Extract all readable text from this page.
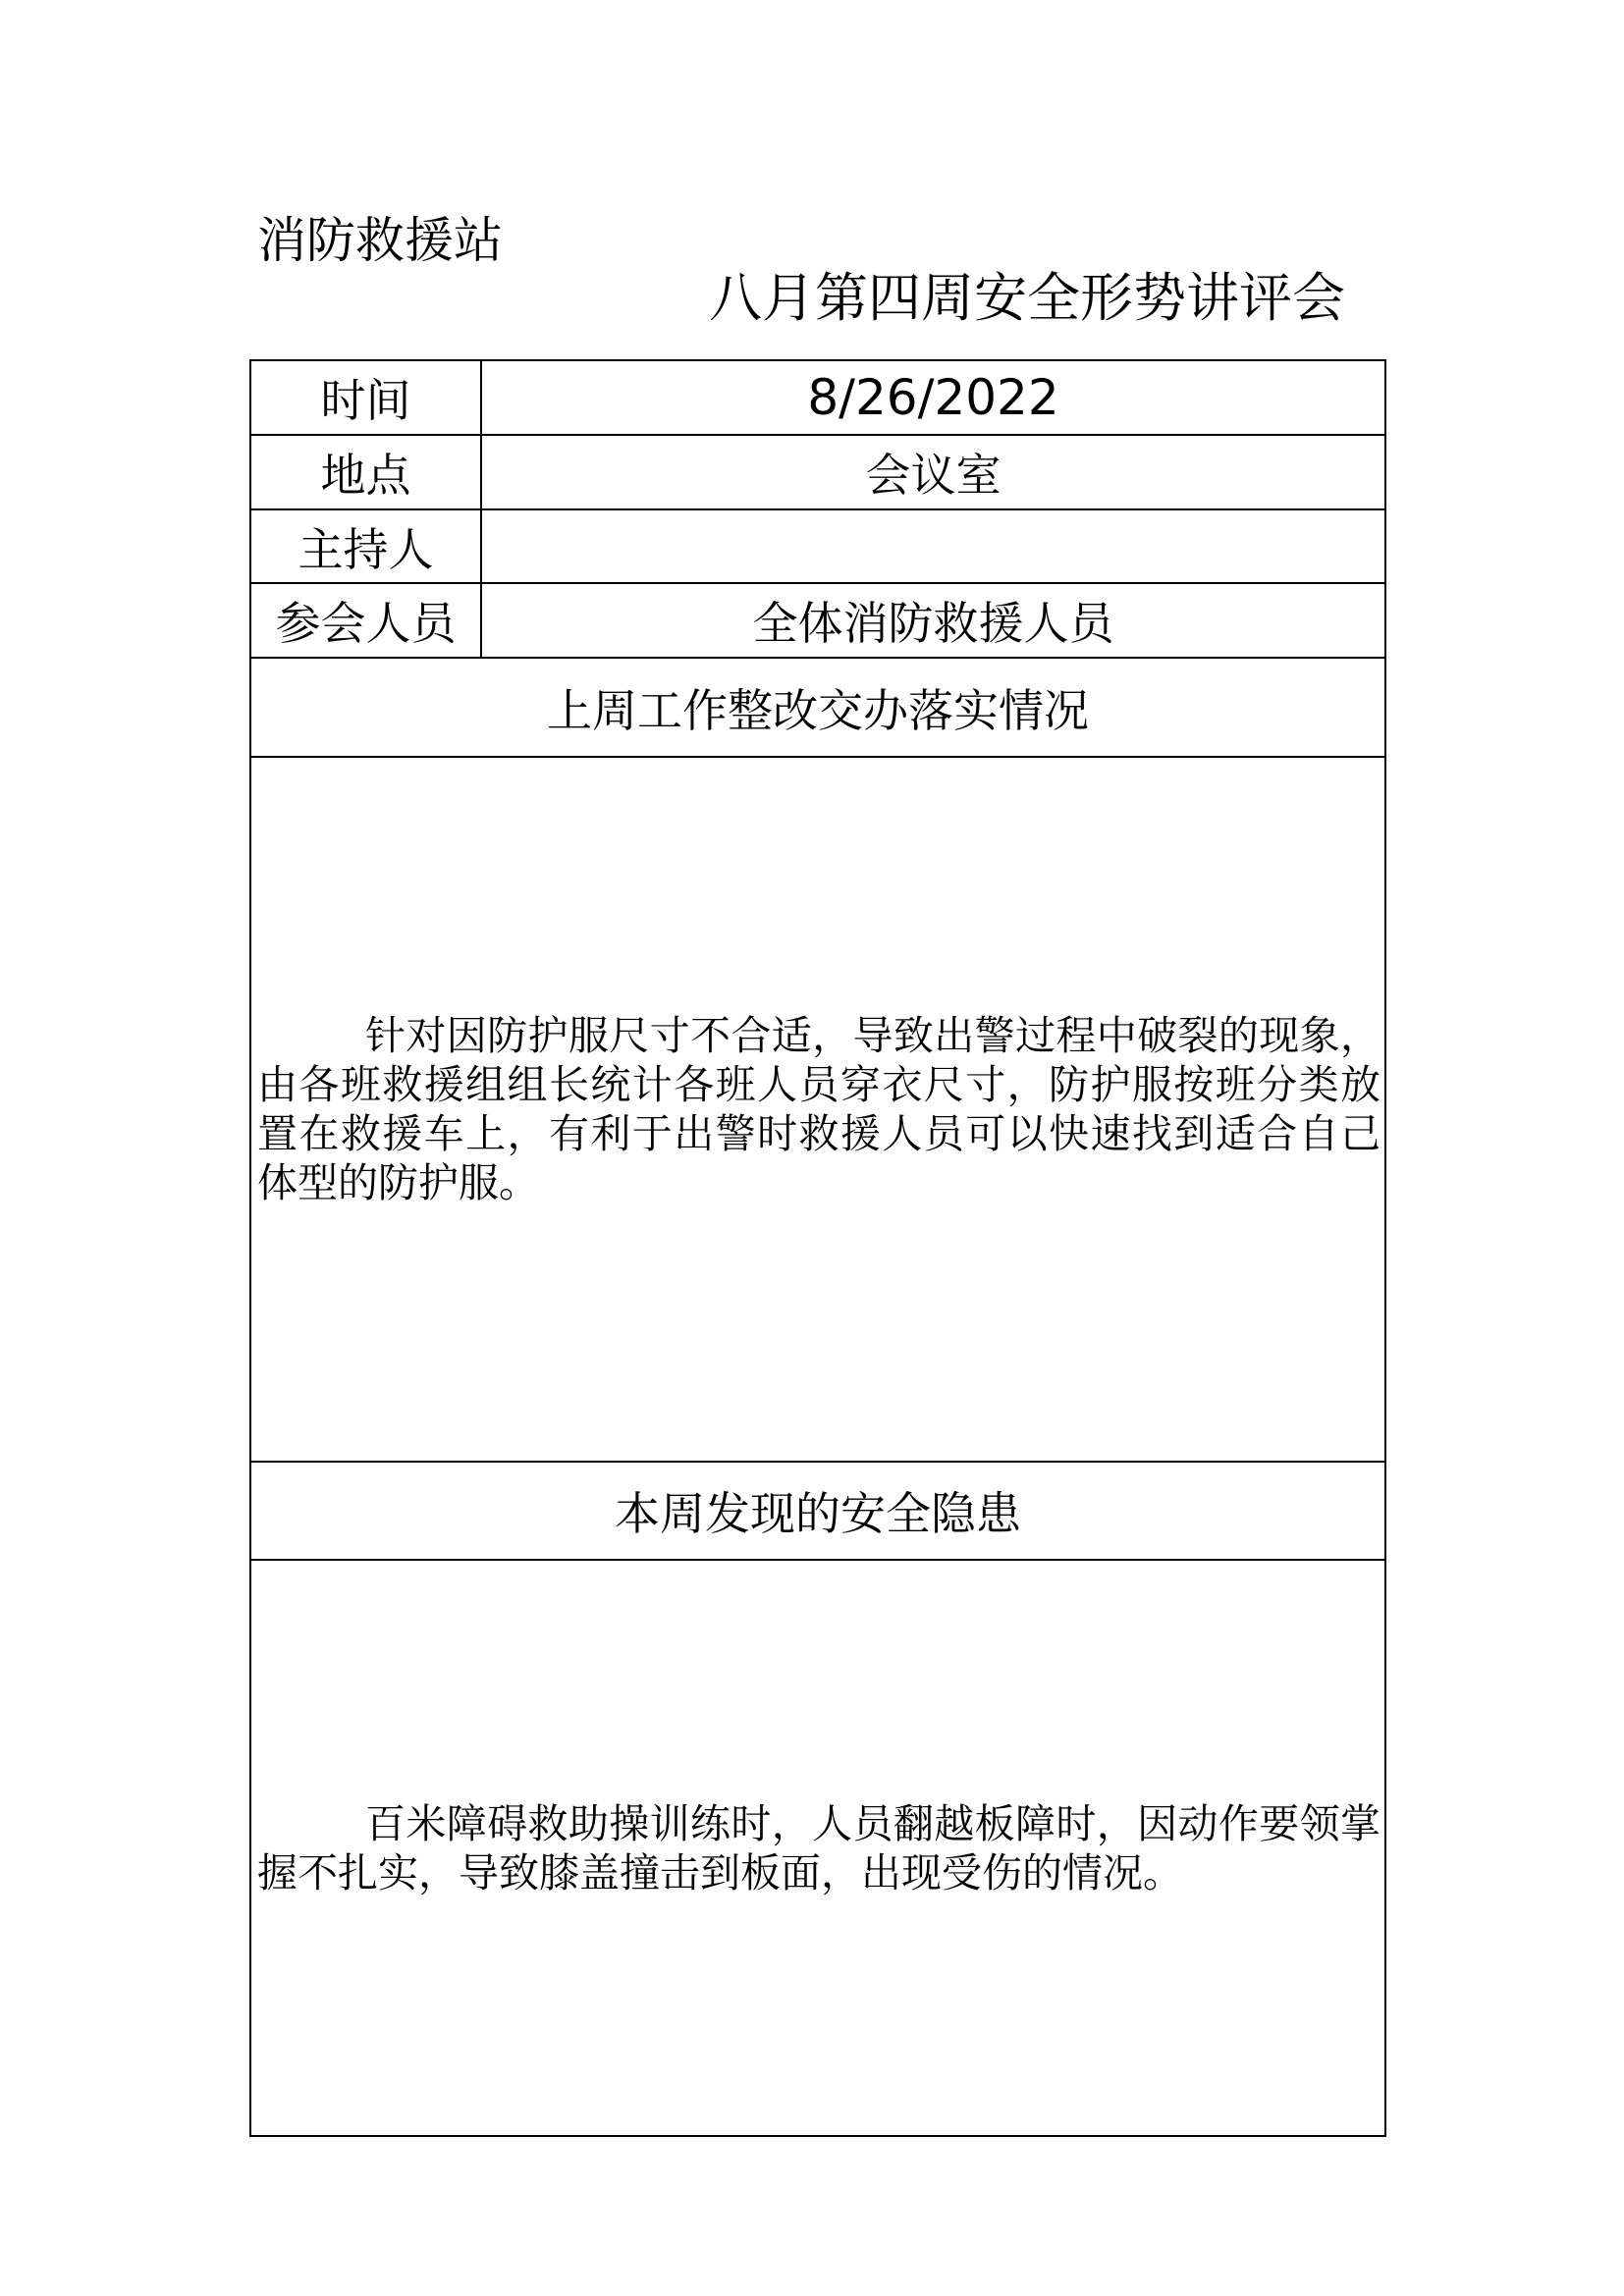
消防救援站
八月第四周安全形势讲评会
时间	8/26/2022
地点	会议室
主持人
参会人员	全体消防救援人员
上周工作整改交办落实情况
针对因防护服尺寸不合适，导致出警过程中破裂的现象，由各班救援组组长统计各班人员穿衣尺寸，防护服按班分类放置在救援车上，有利于出警时救援人员可以快速找到适合自己体型的防护服。
本周发现的安全隐患
百米障碍救助操训练时，人员翻越板障时，因动作要领掌握不扎实，导致膝盖撞击到板面，出现受伤的情况。
